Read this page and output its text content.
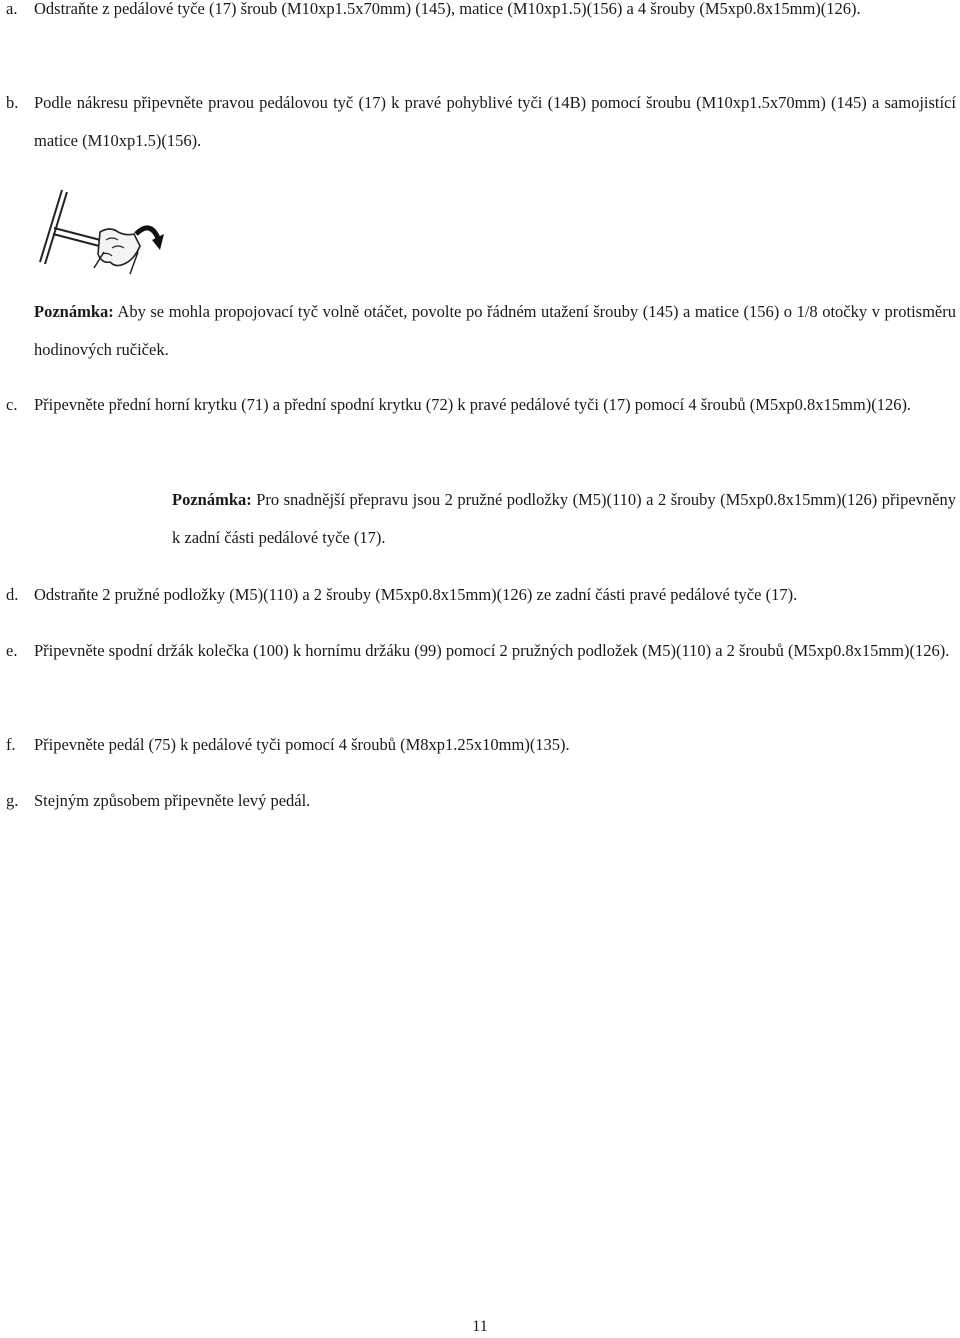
a.	Odstraňte z pedálové tyče (17) šroub (M10xp1.5x70mm) (145), matice (M10xp1.5)(156) a 4 šrouby (M5xp0.8x15mm)(126).
b. Podle nákresu připevněte pravou pedálovou tyč (17) k pravé pohyblivé tyči (14B) pomocí šroubu (M10xp1.5x70mm) (145) a samojistící matice (M10xp1.5)(156).
Poznámka: Aby se mohla propojovací tyč volně otáčet, povolte po řádném utažení šrouby (145) a matice (156) o 1/8 otočky v protisměru hodinových ručiček.
c.	Připevněte přední horní krytku (71) a přední spodní krytku (72) k pravé pedálové tyči (17) pomocí 4 šroubů (M5xp0.8x15mm)(126).
Poznámka: Pro snadnější přepravu jsou 2 pružné podložky (M5)(110) a 2 šrouby (M5xp0.8x15mm)(126) připevněny k zadní části pedálové tyče (17).
d. Odstraňte 2 pružné podložky (M5)(110) a 2 šrouby (M5xp0.8x15mm)(126) ze zadní části pravé pedálové tyče (17).
e.	Připevněte spodní držák kolečka (100) k hornímu držáku (99) pomocí 2 pružných podložek (M5)(110) a 2 šroubů (M5xp0.8x15mm)(126).
f.	Připevněte pedál (75) k pedálové tyči pomocí 4 šroubů (M8xp1.25x10mm)(135).
g. Stejným způsobem připevněte levý pedál.
11
